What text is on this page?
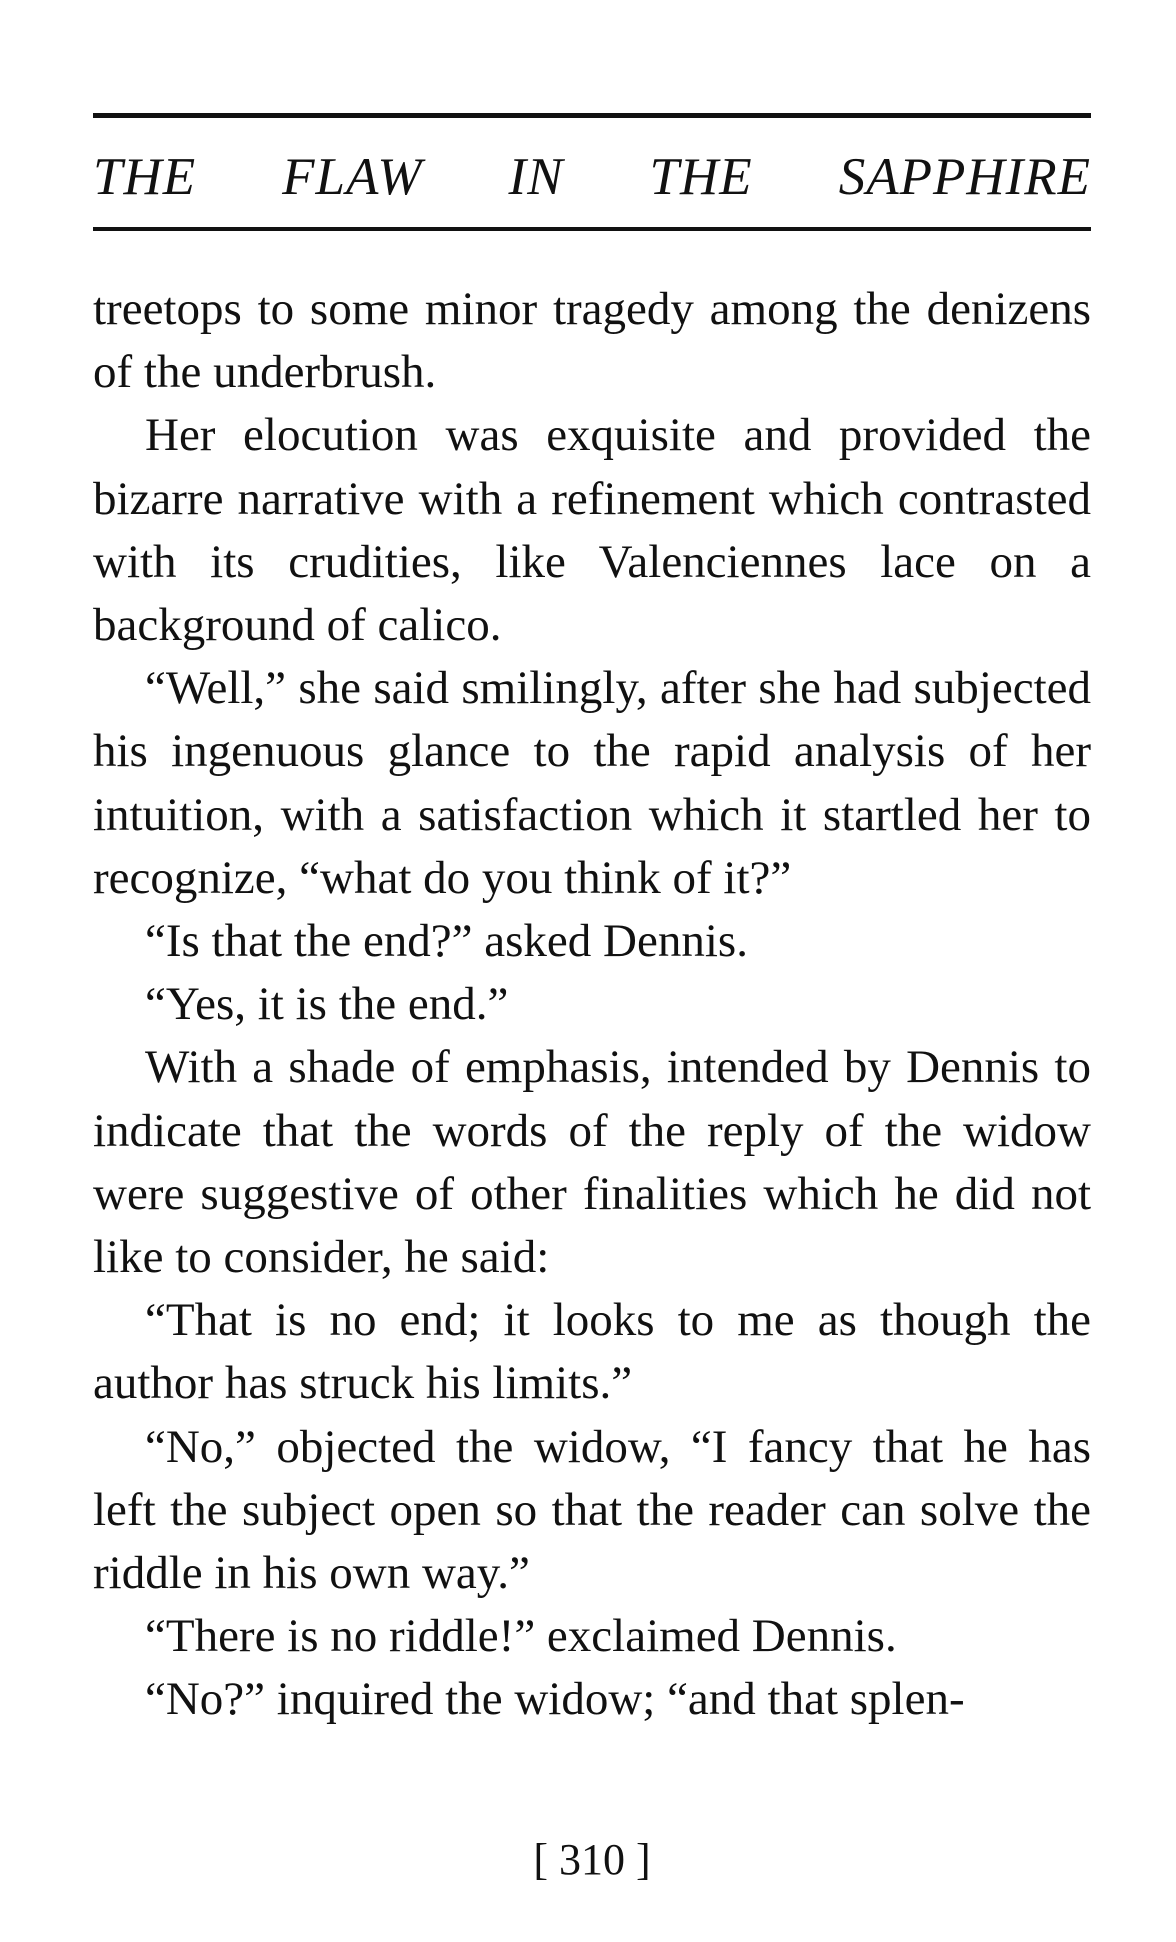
THE FLAW IN THE SAPPHIRE

treetops to some minor tragedy among the denizens of the underbrush.

Her elocution was exquisite and provided the bizarre narrative with a refinement which contrasted with its crudities, like Valenciennes lace on a background of calico.

“Well,” she said smilingly, after she had subjected his ingenuous glance to the rapid analysis of her intuition, with a satisfaction which it startled her to recognize, “what do you think of it?”

“Is that the end?” asked Dennis.

“Yes, it is the end.”

With a shade of emphasis, intended by Dennis to indicate that the words of the reply of the widow were suggestive of other finalities which he did not like to consider, he said:

“That is no end; it looks to me as though the author has struck his limits.”

“No,” objected the widow, “I fancy that he has left the subject open so that the reader can solve the riddle in his own way.”

“There is no riddle!” exclaimed Dennis.

“No?” inquired the widow; “and that splen-

[ 310 ]
